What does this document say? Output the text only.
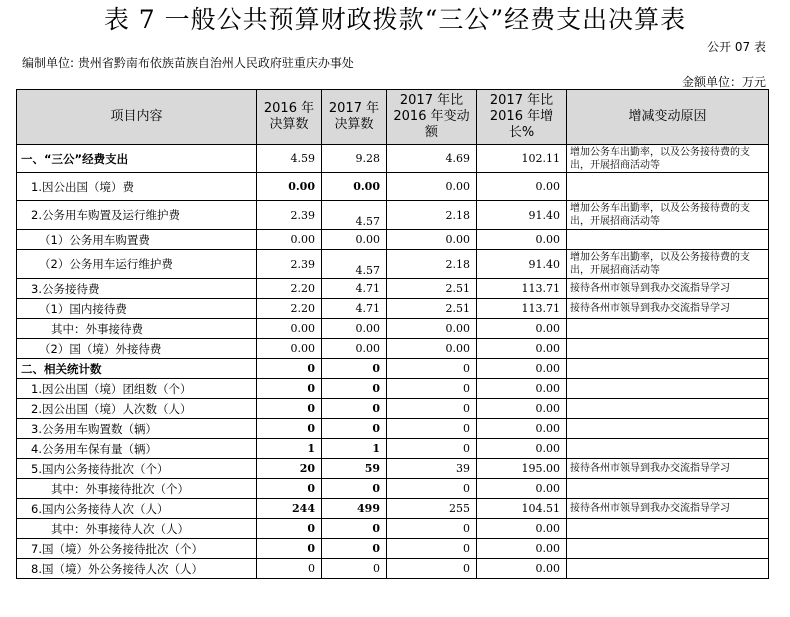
表 7 一般公共预算财政拨款“三公”经费支出决算表
公开 07 表
编制单位: 贵州省黔南布依族苗族自治州人民政府驻重庆办事处
金额单位：万元
项目内容	2016 年决算数	2017 年决算数	2017 年比 2016 年变动额	2017 年比 2016 年增长%	增减变动原因
一、“三公”经费支出	4.59	9.28	4.69	102.11	增加公务车出勤率，以及公务接待费的支出，开展招商活动等
1.因公出国（境）费	0.00	0.00	0.00	0.00	
2.公务用车购置及运行维护费	2.39	4.57	2.18	91.40	增加公务车出勤率，以及公务接待费的支出，开展招商活动等
（1）公务用车购置费	0.00	0.00	0.00	0.00	
（2）公务用车运行维护费	2.39	4.57	2.18	91.40	增加公务车出勤率，以及公务接待费的支出，开展招商活动等
3.公务接待费	2.20	4.71	2.51	113.71	接待各州市领导到我办交流指导学习
（1）国内接待费	2.20	4.71	2.51	113.71	接待各州市领导到我办交流指导学习
其中：外事接待费	0.00	0.00	0.00	0.00	
（2）国（境）外接待费	0.00	0.00	0.00	0.00	
二、相关统计数	0	0	0	0.00	
1.因公出国（境）团组数（个）	0	0	0	0.00	
2.因公出国（境）人次数（人）	0	0	0	0.00	
3.公务用车购置数（辆）	0	0	0	0.00	
4.公务用车保有量（辆）	1	1	0	0.00	
5.国内公务接待批次（个）	20	59	39	195.00	接待各州市领导到我办交流指导学习
其中：外事接待批次（个）	0	0	0	0.00	
6.国内公务接待人次（人）	244	499	255	104.51	接待各州市领导到我办交流指导学习
其中：外事接待人次（人）	0	0	0	0.00	
7.国（境）外公务接待批次（个）	0	0	0	0.00	
8.国（境）外公务接待人次（人）	0	0	0	0.00	
